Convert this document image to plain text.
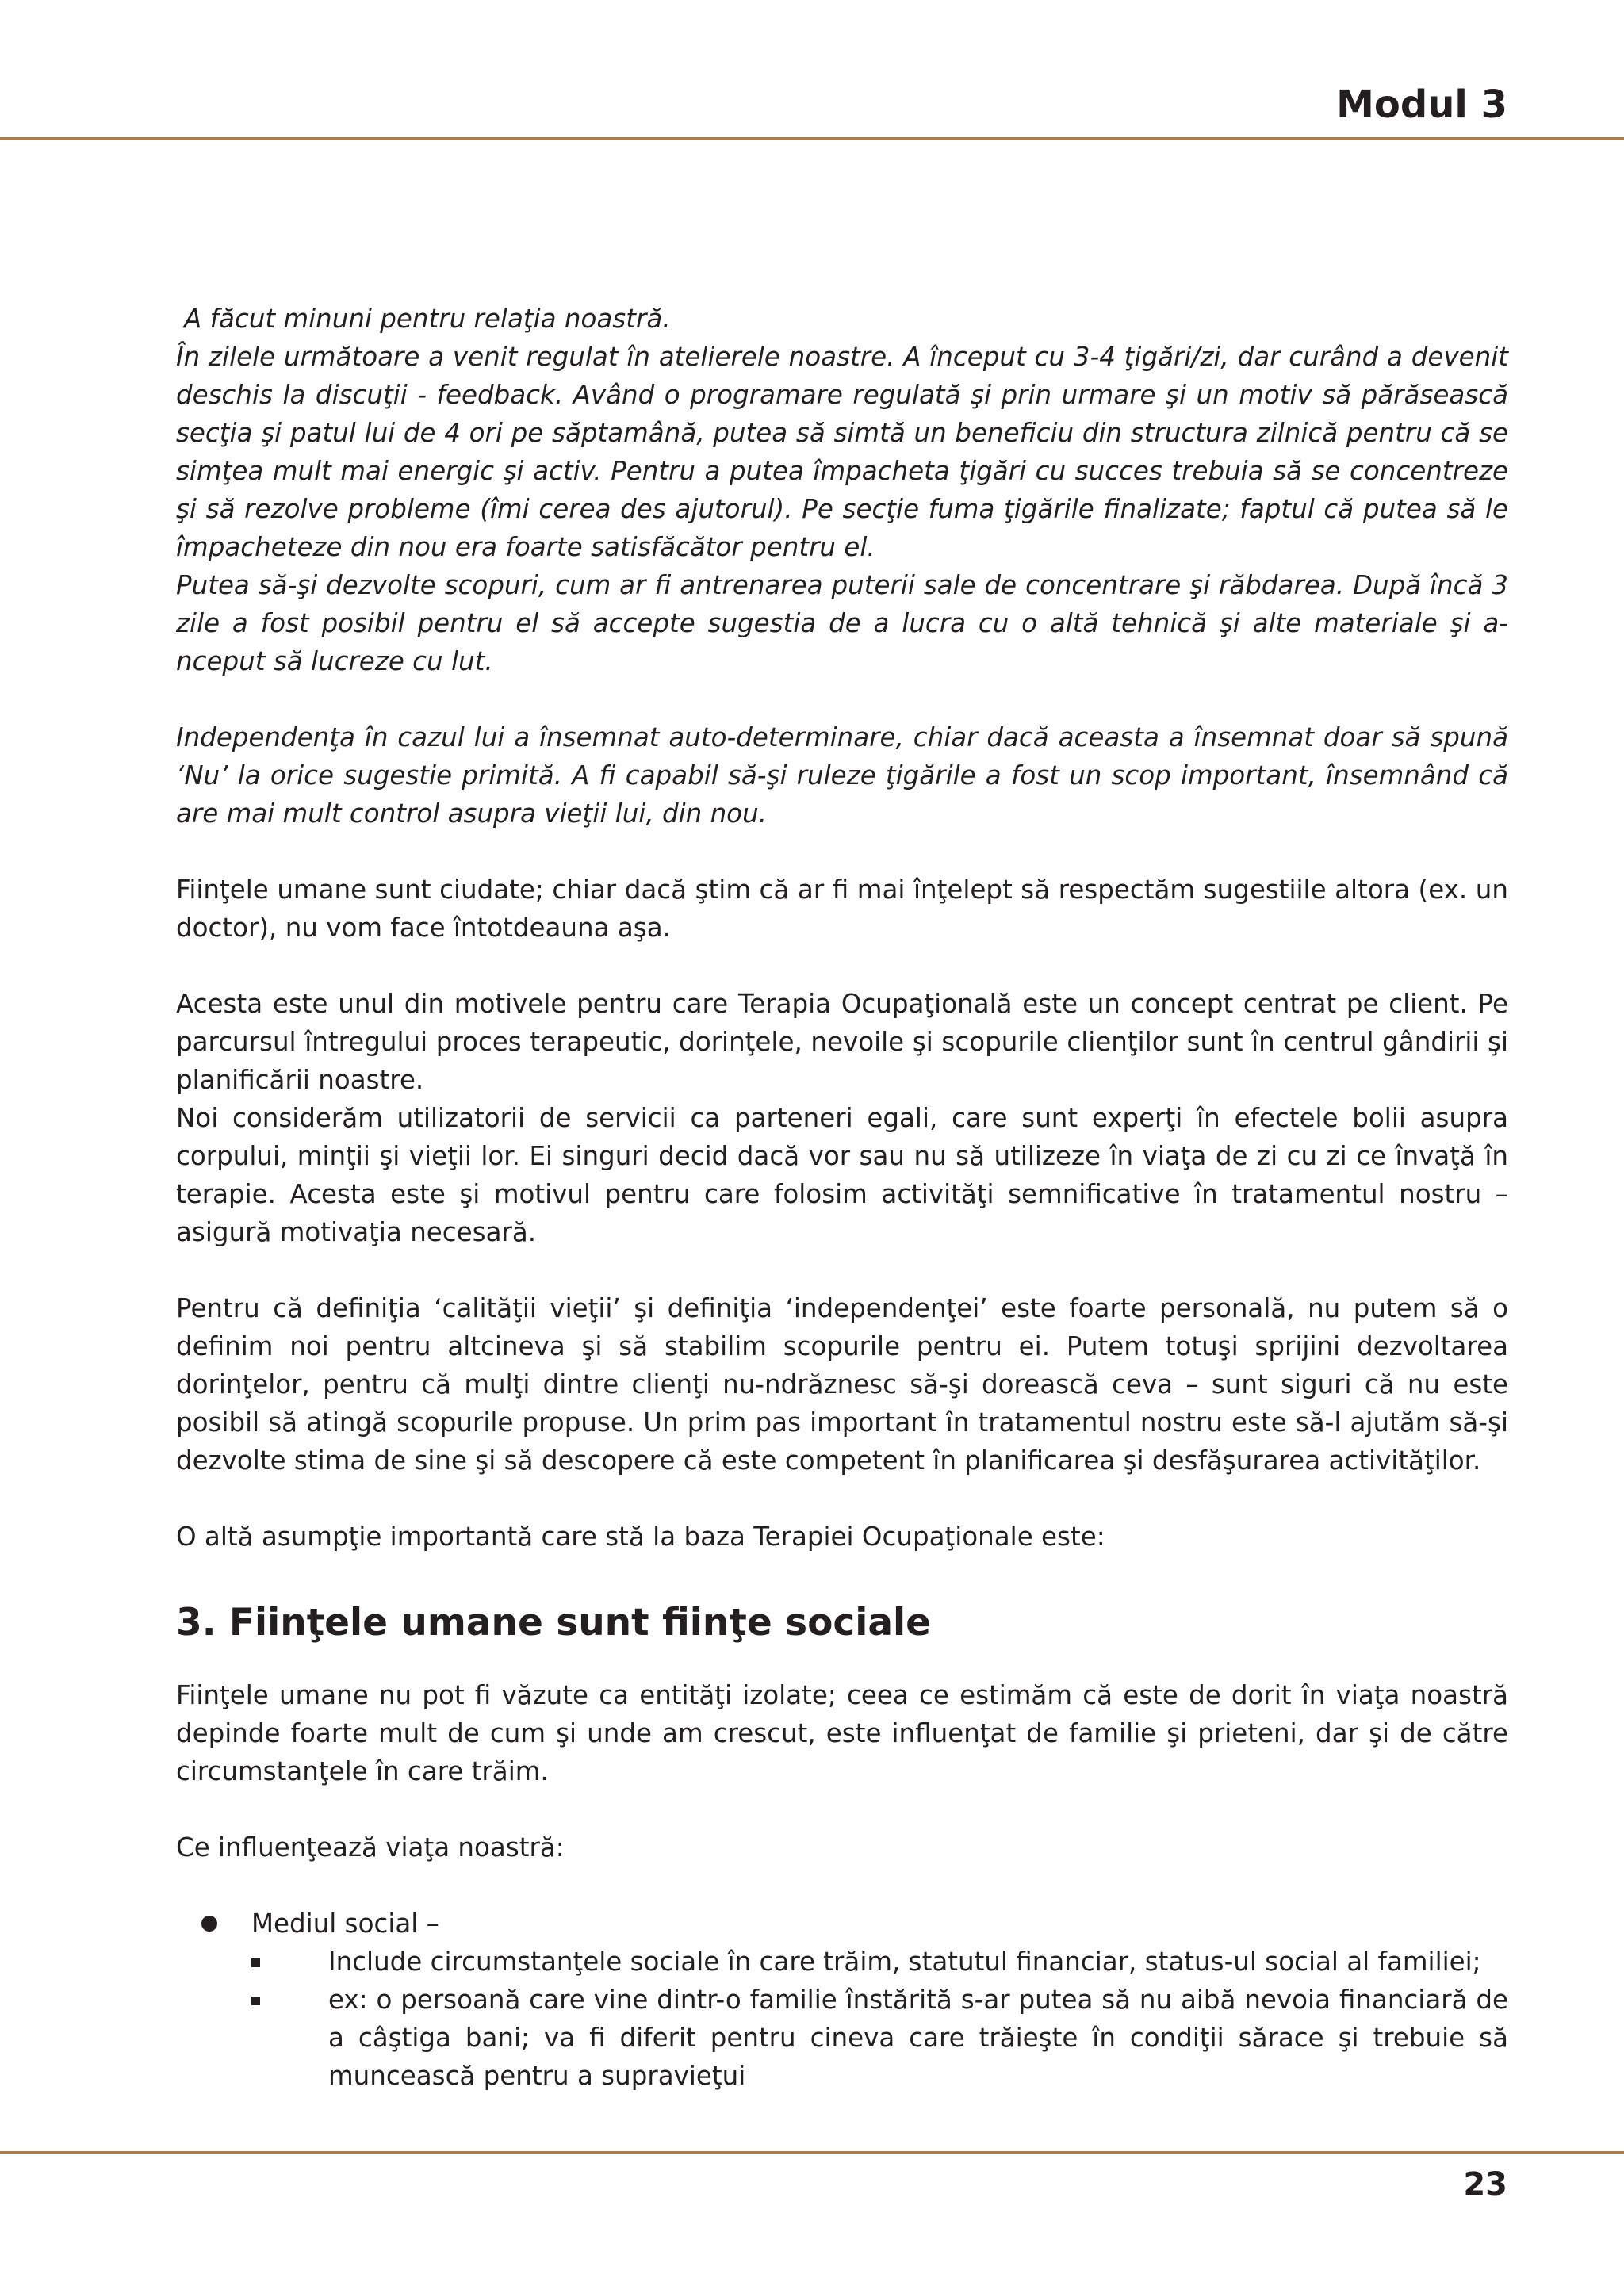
Modul 3

A făcut minuni pentru relaţia noastră.

În zilele următoare a venit regulat în atelierele noastre. A început cu 3-4 ţigări/zi, dar curând a devenit deschis la discuţii - feedback. Având o programare regulată şi prin urmare şi un motiv să părăsească secţia şi patul lui de 4 ori pe săptamână, putea să simtă un beneficiu din structura zilnică pentru că se simţea mult mai energic şi activ. Pentru a putea împacheta ţigări cu succes trebuia să se concentreze şi să rezolve probleme (îmi cerea des ajutorul). Pe secţie fuma ţigările finalizate; faptul că putea să le împacheteze din nou era foarte satisfăcător pentru el.

Putea să-şi dezvolte scopuri, cum ar fi antrenarea puterii sale de concentrare şi răbdarea. După încă 3 zile a fost posibil pentru el să accepte sugestia de a lucra cu o altă tehnică şi alte materiale şi a-nceput să lucreze cu lut.

Independenţa în cazul lui a însemnat auto-determinare, chiar dacă aceasta a însemnat doar să spună ‘Nu’ la orice sugestie primită. A fi capabil să-şi ruleze ţigările a fost un scop important, însemnând că are mai mult control asupra vieţii lui, din nou.

Fiinţele umane sunt ciudate; chiar dacă ştim că ar fi mai înţelept să respectăm sugestiile altora (ex. un doctor), nu vom face întotdeauna aşa.

Acesta este unul din motivele pentru care Terapia Ocupaţională este un concept centrat pe client. Pe parcursul întregului proces terapeutic, dorinţele, nevoile şi scopurile clienţilor sunt în centrul gândirii şi planificării noastre.

Noi considerăm utilizatorii de servicii ca parteneri egali, care sunt experţi în efectele bolii asupra corpului, minţii şi vieţii lor. Ei singuri decid dacă vor sau nu să utilizeze în viaţa de zi cu zi ce învaţă în terapie. Acesta este şi motivul pentru care folosim activităţi semnificative în tratamentul nostru – asigură motivaţia necesară.

Pentru că definiţia ‘calităţii vieţii’ şi definiţia ‘independenţei’ este foarte personală, nu putem să o definim noi pentru altcineva şi să stabilim scopurile pentru ei. Putem totuşi sprijini dezvoltarea dorinţelor, pentru că mulţi dintre clienţi nu-ndrăznesc să-şi dorească ceva – sunt siguri că nu este posibil să atingă scopurile propuse. Un prim pas important în tratamentul nostru este să-l ajutăm să-şi dezvolte stima de sine şi să descopere că este competent în planificarea şi desfăşurarea activităţilor.

O altă asumpţie importantă care stă la baza Terapiei Ocupaţionale este:

3. Fiinţele umane sunt fiinţe sociale

Fiinţele umane nu pot fi văzute ca entităţi izolate; ceea ce estimăm că este de dorit în viaţa noastră depinde foarte mult de cum şi unde am crescut, este influenţat de familie şi prieteni, dar şi de către circumstanţele în care trăim.

Ce influenţează viaţa noastră:

Mediul social –
Include circumstanţele sociale în care trăim, statutul financiar, status-ul social al familiei;
ex: o persoană care vine dintr-o familie înstărită s-ar putea să nu aibă nevoia financiară de a câştiga bani; va fi diferit pentru cineva care trăieşte în condiţii sărace şi trebuie să muncească pentru a supravieţui
23
